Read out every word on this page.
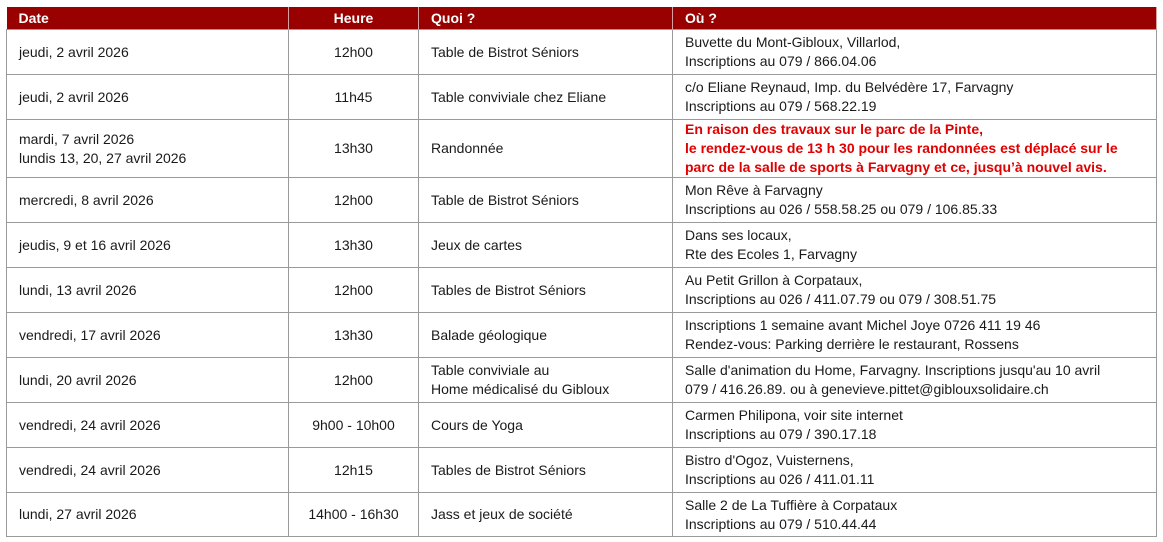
Date	Heure	Quoi ?	Où ?

jeudi, 2 avril 2026	12h00	Table de Bistrot Séniors	Buvette du Mont-Gibloux, Villarlod,
Inscriptions au 079 / 866.04.06

jeudi, 2 avril 2026	11h45	Table conviviale chez Eliane	c/o Eliane Reynaud, Imp. du Belvédère 17, Farvagny
Inscriptions au 079 / 568.22.19

mardi, 7 avril 2026
lundis 13, 20, 27 avril 2026	13h30	Randonnée	En raison des travaux sur le parc de la Pinte,
le rendez-vous de 13 h 30 pour les randonnées est déplacé sur le
parc de la salle de sports à Farvagny et ce, jusqu’à nouvel avis.

mercredi, 8 avril 2026	12h00	Table de Bistrot Séniors	Mon Rêve à Farvagny
Inscriptions au 026 / 558.58.25 ou 079 / 106.85.33

jeudis, 9 et 16 avril 2026	13h30	Jeux de cartes	Dans ses locaux,
Rte des Ecoles 1, Farvagny

lundi, 13 avril 2026	12h00	Tables de Bistrot Séniors	Au Petit Grillon à Corpataux,
Inscriptions au 026 / 411.07.79 ou 079 / 308.51.75

vendredi, 17 avril 2026	13h30	Balade géologique	Inscriptions 1 semaine avant Michel Joye 0726 411 19 46
Rendez-vous: Parking derrière le restaurant, Rossens

lundi, 20 avril 2026	12h00	Table conviviale au
Home médicalisé du Gibloux	Salle d'animation du Home, Farvagny. Inscriptions jusqu'au 10 avril
079 / 416.26.89. ou à genevieve.pittet@giblouxsolidaire.ch

vendredi, 24 avril 2026	9h00 - 10h00	Cours de Yoga	Carmen Philipona, voir site internet
Inscriptions au 079 / 390.17.18

vendredi, 24 avril 2026	12h15	Tables de Bistrot Séniors	Bistro d'Ogoz, Vuisternens,
Inscriptions au 026 / 411.01.11

lundi, 27 avril 2026	14h00 - 16h30	Jass et jeux de société	Salle 2 de La Tuffière à Corpataux
Inscriptions au 079 / 510.44.44
